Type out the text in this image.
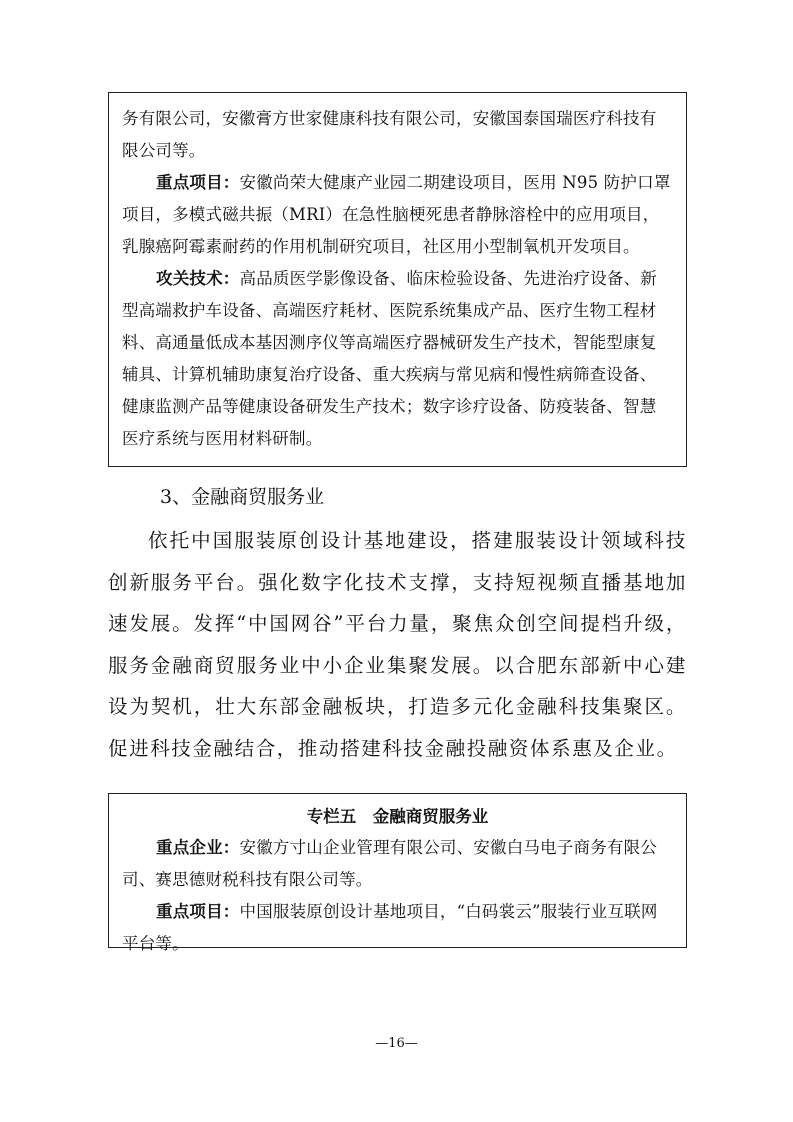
务有限公司，安徽膏方世家健康科技有限公司，安徽国泰国瑞医疗科技有限公司等。

重点项目：安徽尚荣大健康产业园二期建设项目，医用 N95 防护口罩项目，多模式磁共振（MRI）在急性脑梗死患者静脉溶栓中的应用项目，乳腺癌阿霉素耐药的作用机制研究项目，社区用小型制氧机开发项目。

攻关技术：高品质医学影像设备、临床检验设备、先进治疗设备、新型高端救护车设备、高端医疗耗材、医院系统集成产品、医疗生物工程材料、高通量低成本基因测序仪等高端医疗器械研发生产技术，智能型康复辅具、计算机辅助康复治疗设备、重大疾病与常见病和慢性病筛查设备、健康监测产品等健康设备研发生产技术；数字诊疗设备、防疫装备、智慧医疗系统与医用材料研制。

3、金融商贸服务业

依托中国服装原创设计基地建设，搭建服装设计领域科技创新服务平台。强化数字化技术支撑，支持短视频直播基地加速发展。发挥“中国网谷”平台力量，聚焦众创空间提档升级，服务金融商贸服务业中小企业集聚发展。以合肥东部新中心建设为契机，壮大东部金融板块，打造多元化金融科技集聚区。促进科技金融结合，推动搭建科技金融投融资体系惠及企业。

专栏五　金融商贸服务业

重点企业：安徽方寸山企业管理有限公司、安徽白马电子商务有限公司、赛思德财税科技有限公司等。

重点项目：中国服装原创设计基地项目，“白码裳云”服装行业互联网平台等。

—16—
